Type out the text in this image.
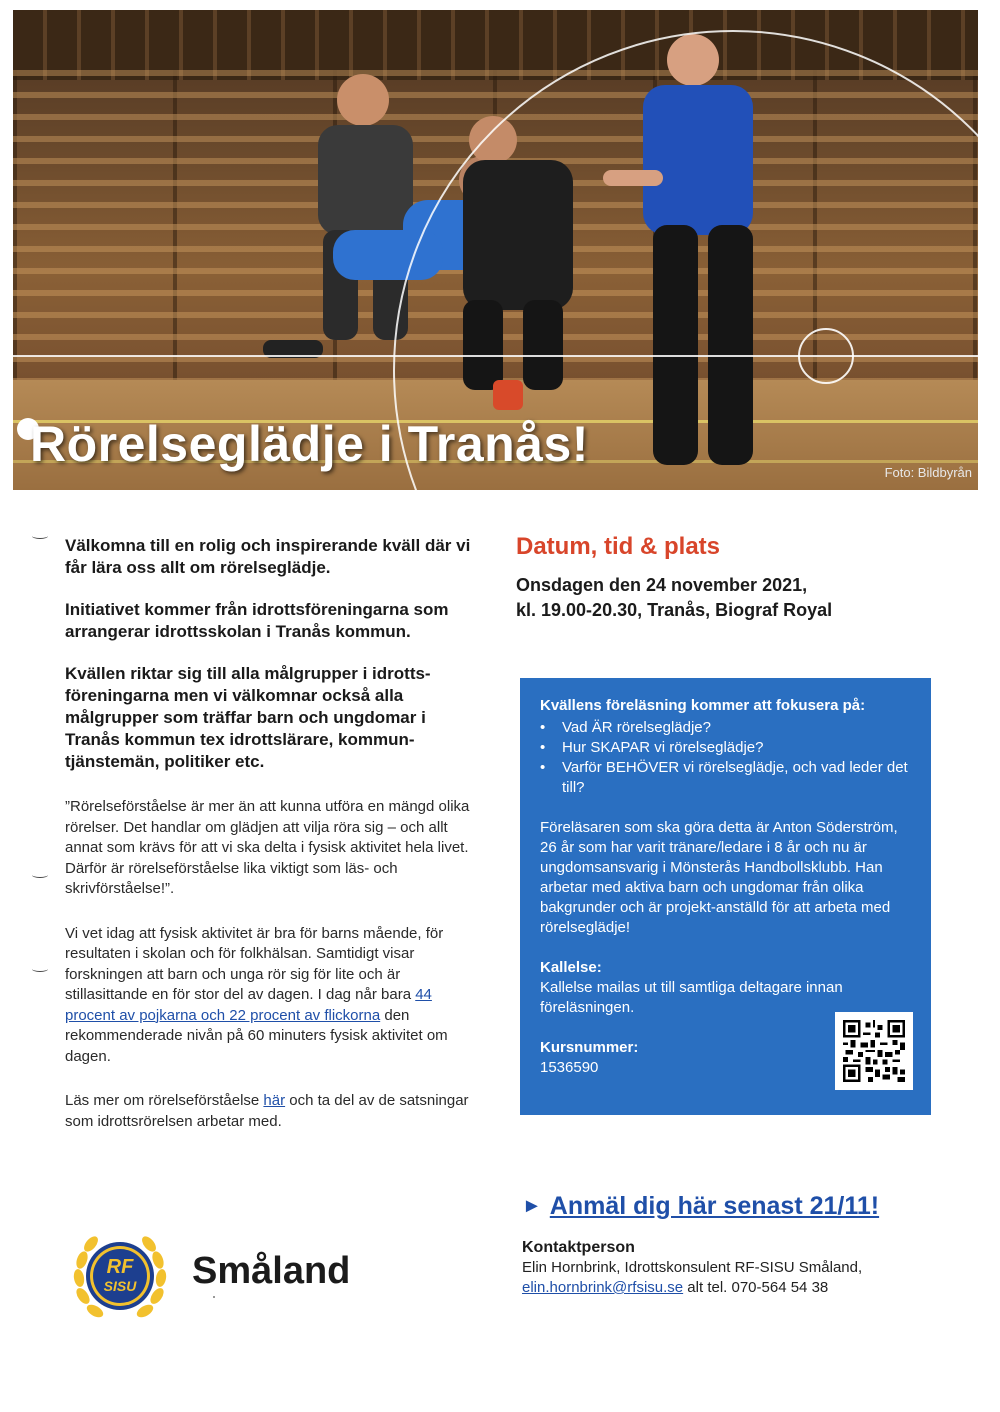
Foto: Bildbyrån
Rörelseglädje i Tranås!

Välkomna till en rolig och inspirerande kväll där vi får lära oss allt om rörelseglädje.

Initiativet kommer från idrottsföreningarna som arrangerar idrottsskolan i Tranås kommun.

Kvällen riktar sig till alla målgrupper i idrotts-föreningarna men vi välkomnar också alla målgrupper som träffar barn och ungdomar i Tranås kommun tex idrottslärare, kommun-tjänstemän, politiker etc.

”Rörelseförståelse är mer än att kunna utföra en mängd olika rörelser. Det handlar om glädjen att vilja röra sig – och allt annat som krävs för att vi ska delta i fysisk aktivitet hela livet. Därför är rörelseförståelse lika viktigt som läs- och skrivförståelse!”.

Vi vet idag att fysisk aktivitet är bra för barns mående, för resultaten i skolan och för folkhälsan. Samtidigt visar forskningen att barn och unga rör sig för lite och är stillasittande en för stor del av dagen. I dag når bara 44 procent av pojkarna och 22 procent av flickorna den rekommenderade nivån på 60 minuters fysisk aktivitet om dagen.

Läs mer om rörelseförståelse här och ta del av de satsningar som idrottsrörelsen arbetar med.

Datum, tid & plats
Onsdagen den 24 november 2021,
kl. 19.00-20.30, Tranås, Biograf Royal
Kvällens föreläsning kommer att fokusera på:
• Vad ÄR rörelseglädje?
• Hur SKAPAR vi rörelseglädje?
• Varför BEHÖVER vi rörelseglädje, och vad leder det till?

Föreläsaren som ska göra detta är Anton Söderström, 26 år som har varit tränare/ledare i 8 år och nu är ungdomsansvarig i Mönsterås Handbollsklubb. Han arbetar med aktiva barn och ungdomar från olika bakgrunder och är projekt-anställd för att arbeta med rörelseglädje!

Kallelse:

Kallelse mailas ut till samtliga deltagare innan föreläsningen.

Kursnummer:

1536590

► Anmäl dig här senast 21/11!
Kontaktperson
Elin Hornbrink, Idrottskonsulent RF-SISU Småland,
elin.hornbrink@rfsisu.se alt tel. 070-564 54 38
RF
SISU Småland
